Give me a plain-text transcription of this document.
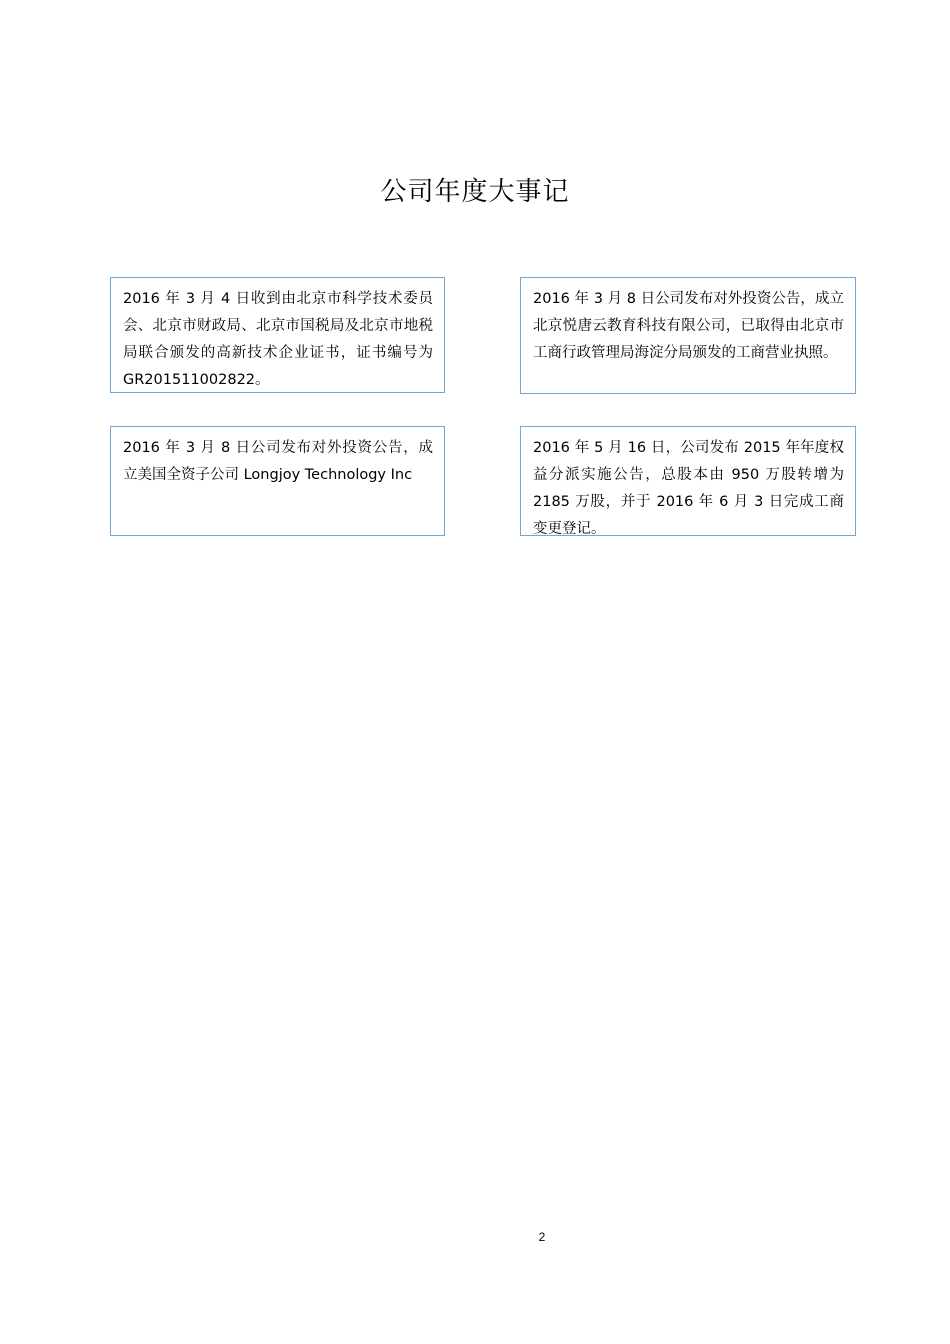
公司年度大事记
2016 年 3 月 4 日收到由北京市科学技术委员会、北京市财政局、北京市国税局及北京市地税局联合颁发的高新技术企业证书，证书编号为 GR201511002822。
2016 年 3 月 8 日公司发布对外投资公告，成立北京悦唐云教育科技有限公司，已取得由北京市工商行政管理局海淀分局颁发的工商营业执照。
2016 年 3 月 8 日公司发布对外投资公告，成立美国全资子公司 Longjoy Technology Inc
2016 年 5 月 16 日，公司发布 2015 年年度权益分派实施公告，总股本由 950 万股转增为 2185 万股，并于 2016 年 6 月 3 日完成工商变更登记。
2
